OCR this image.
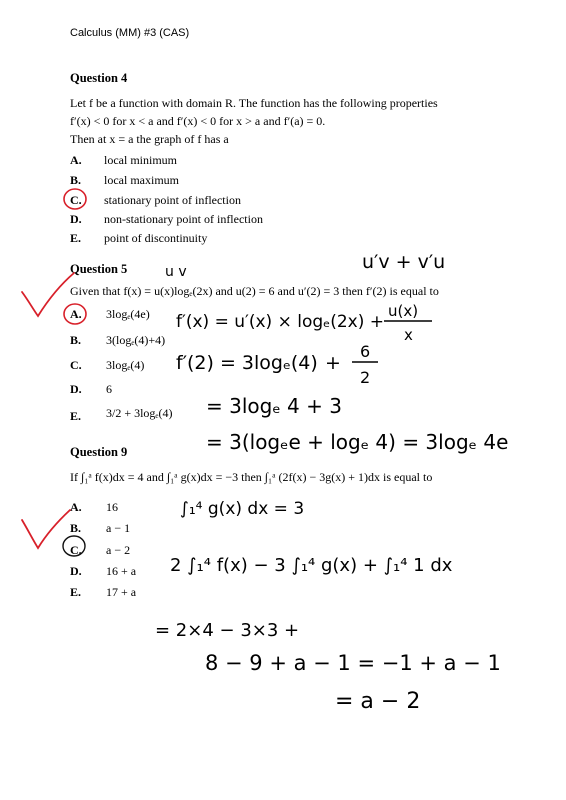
Calculus (MM) #3 (CAS)
Question 4
Let f be a function with domain R. The function has the following properties
f′(x) < 0 for x < a and f′(x) < 0 for x > a and f′(a) = 0.
Then at x = a the graph of f has a
A. local minimum
B. local maximum
C. stationary point of inflection
D. non-stationary point of inflection
E. point of discontinuity
Question 5
Given that f(x) = u(x)logₑ(2x) and u(2) = 6 and u′(2) = 3 then f′(2) is equal to
A. 3logₑ(4e)
B. 3(logₑ(4)+4)
C. 3logₑ(4)
D. 6
E. 3/2 + 3logₑ(4)
Question 9
If ∫₁ᵃ f(x)dx = 4 and ∫₁ᵃ g(x)dx = −3 then ∫₁ᵃ (2f(x) − 3g(x) + 1)dx is equal to
A. 16
B. a − 1
C. a − 2
D. 16 + a
E. 17 + a
u v	u′v + v′u
f′(x) = u′(x) × logₑ(2x) +
u(x)
x
f′(2) = 3logₑ(4) +
6
2
= 3logₑ 4 + 3
= 3(logₑe + logₑ 4) = 3logₑ 4e
∫₁⁴ g(x) dx = 3
2 ∫₁⁴ f(x) − 3 ∫₁⁴ g(x) + ∫₁⁴ 1 dx
= 2×4 − 3×3 +
8 − 9 + a − 1 = −1 + a − 1
= a − 2
